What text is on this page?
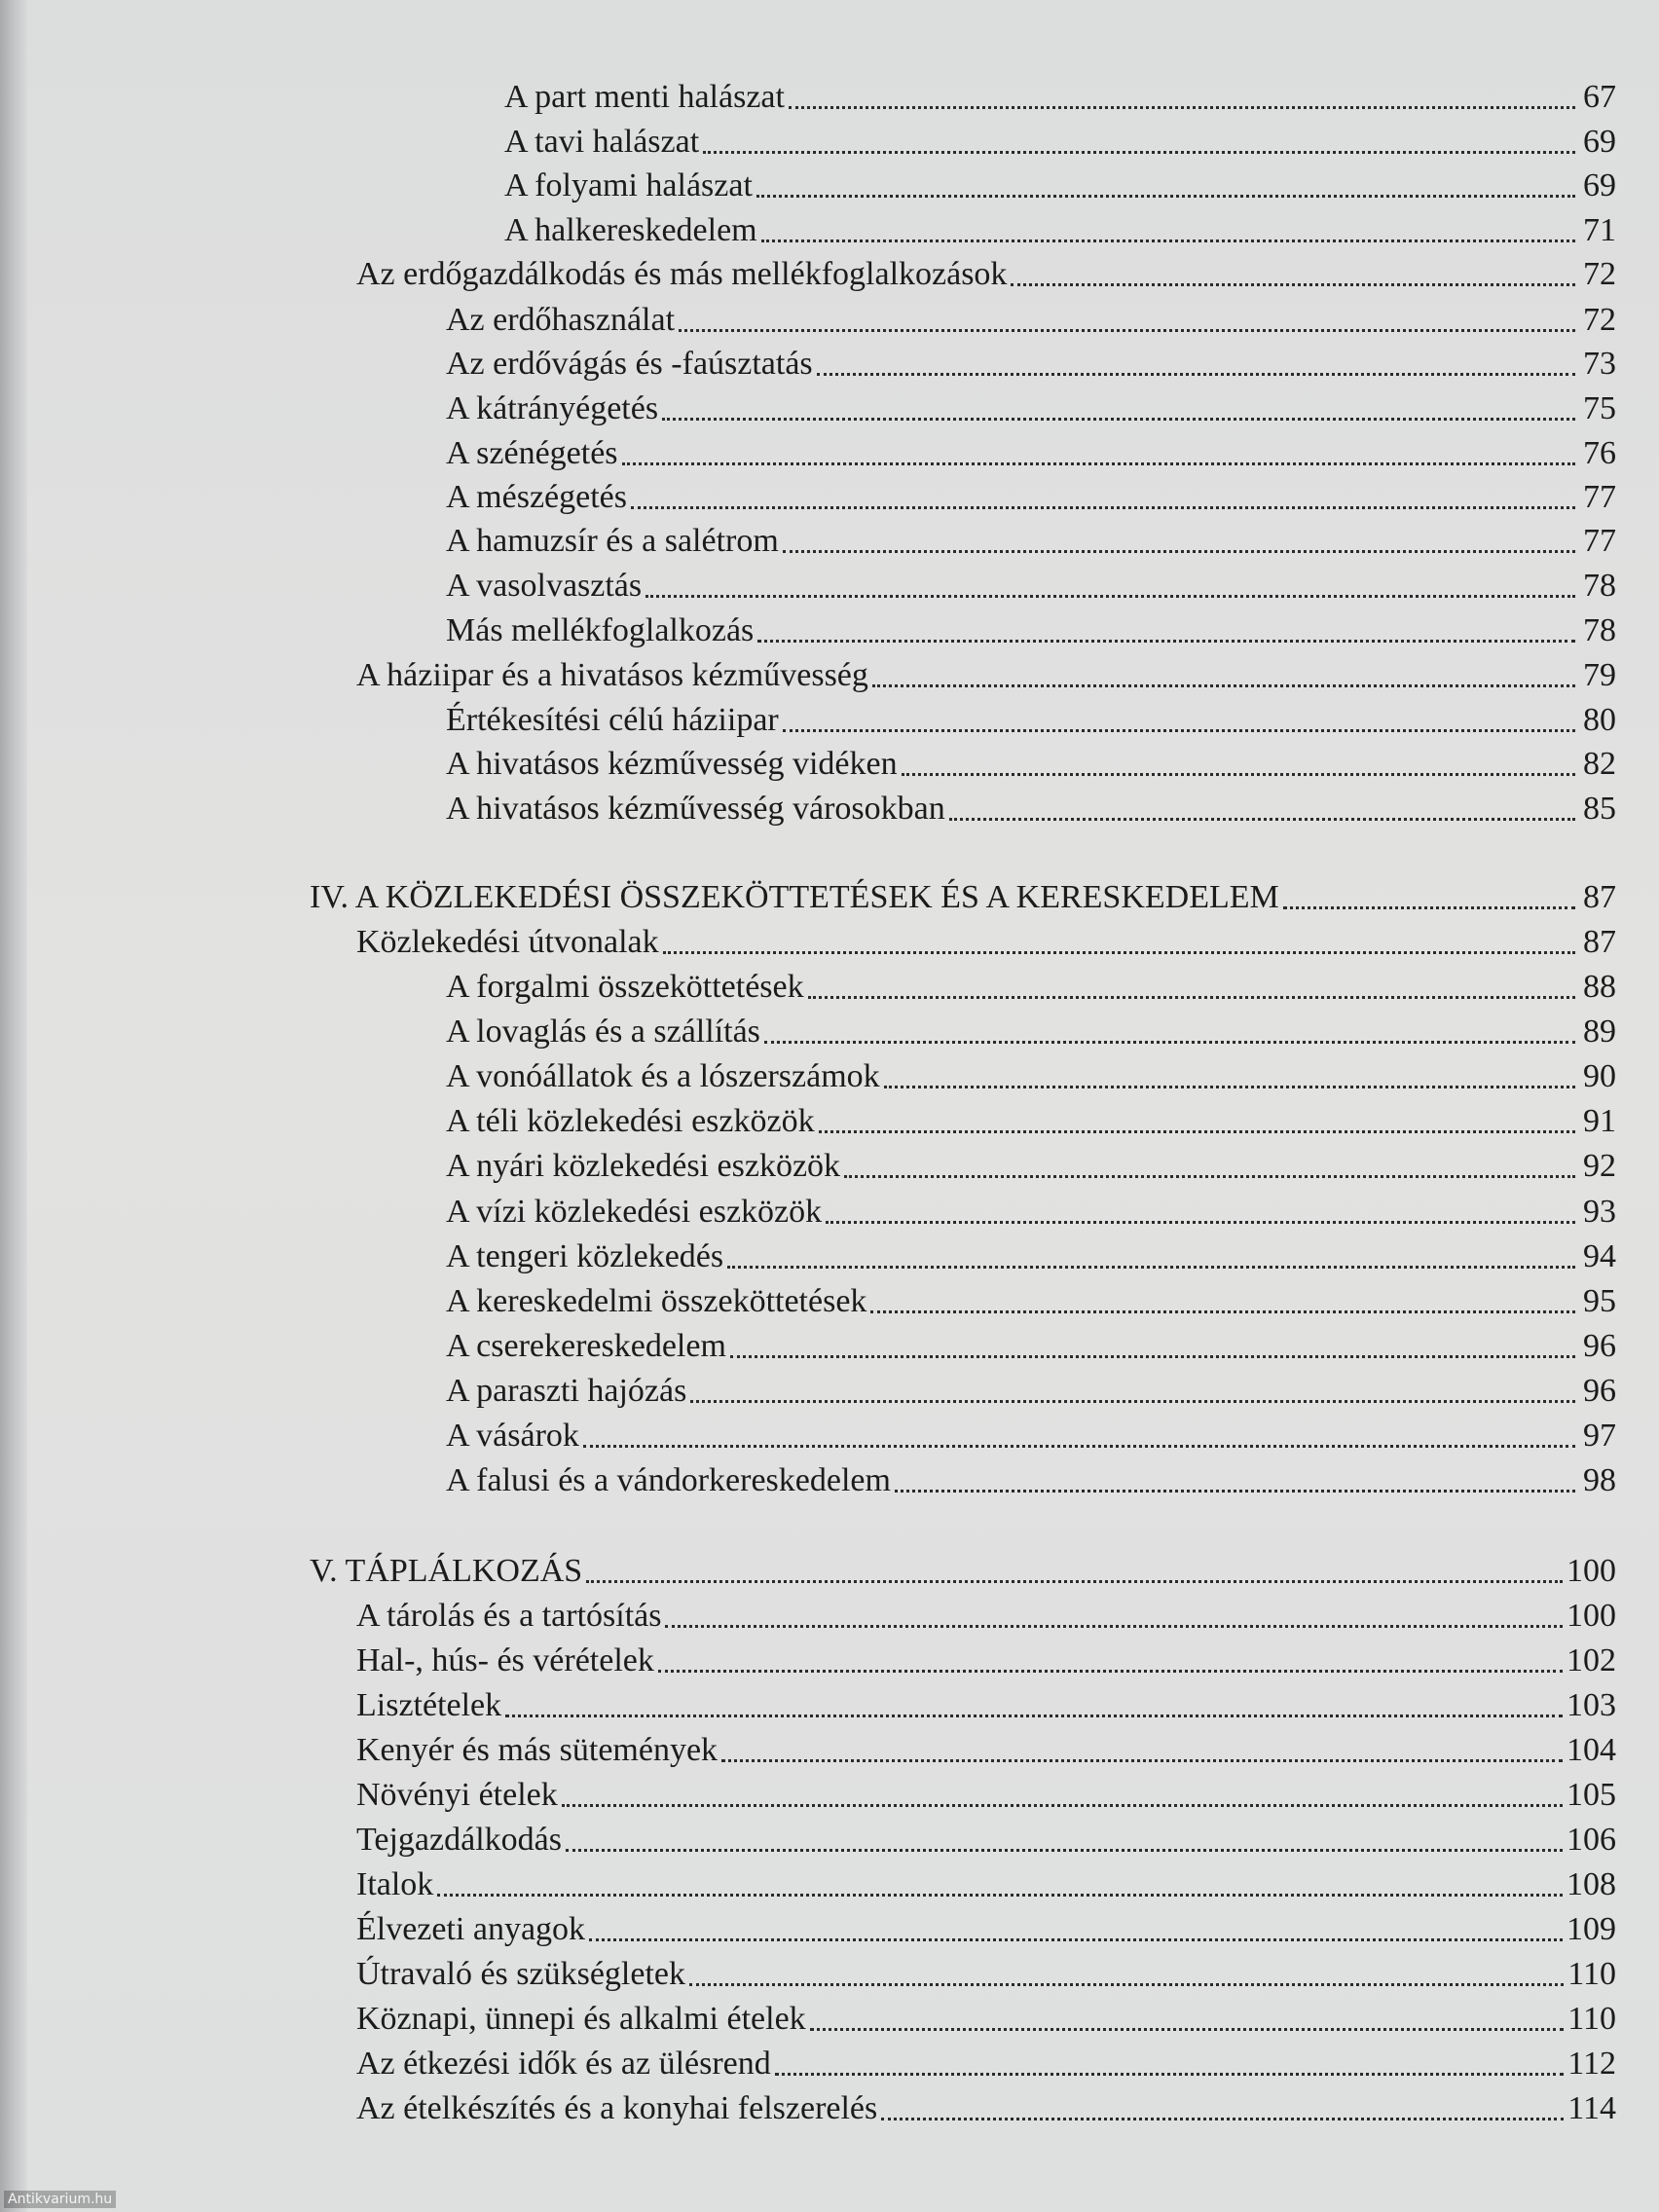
A part menti halászat	67
A tavi halászat	69
A folyami halászat	69
A halkereskedelem	71
Az erdőgazdálkodás és más mellékfoglalkozások	72
Az erdőhasználat	72
Az erdővágás és -faúsztatás	73
A kátrányégetés	75
A szénégetés	76
A mészégetés	77
A hamuzsír és a salétrom	77
A vasolvasztás	78
Más mellékfoglalkozás	78
A háziipar és a hivatásos kézművesség	79
Értékesítési célú háziipar	80
A hivatásos kézművesség vidéken	82
A hivatásos kézművesség városokban	85
IV. A KÖZLEKEDÉSI ÖSSZEKÖTTETÉSEK ÉS A KERESKEDELEM	87
Közlekedési útvonalak	87
A forgalmi összeköttetések	88
A lovaglás és a szállítás	89
A vonóállatok és a lószerszámok	90
A téli közlekedési eszközök	91
A nyári közlekedési eszközök	92
A vízi közlekedési eszközök	93
A tengeri közlekedés	94
A kereskedelmi összeköttetések	95
A cserekereskedelem	96
A paraszti hajózás	96
A vásárok	97
A falusi és a vándorkereskedelem	98
V. TÁPLÁLKOZÁS	100
A tárolás és a tartósítás	100
Hal-, hús- és vérételek	102
Lisztételek	103
Kenyér és más sütemények	104
Növényi ételek	105
Tejgazdálkodás	106
Italok	108
Élvezeti anyagok	109
Útravaló és szükségletek	110
Köznapi, ünnepi és alkalmi ételek	110
Az étkezési idők és az ülésrend	112
Az ételkészítés és a konyhai felszerelés	114
Antikvarium.hu
